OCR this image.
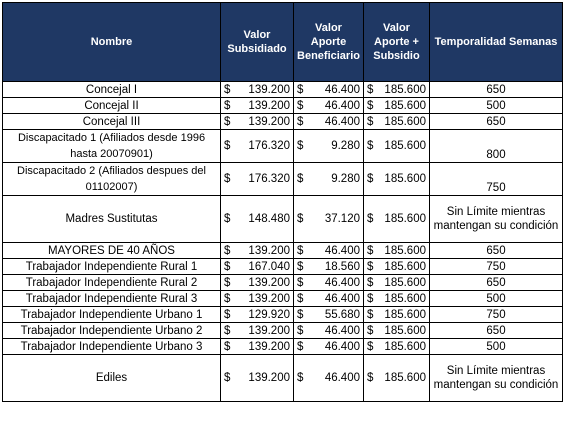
Nombre	Valor Subsidiado	Valor Aporte Beneficiario	Valor Aporte + Subsidio	Temporalidad Semanas
Concejal I	$ 139.200	$ 46.400	$ 185.600	650
Concejal II	$ 139.200	$ 46.400	$ 185.600	500
Concejal III	$ 139.200	$ 46.400	$ 185.600	650
Discapacitado 1 (Afiliados desde 1996 hasta 20070901)	$ 176.320	$ 9.280	$ 185.600	800
Discapacitado 2 (Afiliados despues del 01102007)	$ 176.320	$ 9.280	$ 185.600	750
Madres Sustitutas	$ 148.480	$ 37.120	$ 185.600	Sin Límite mientras mantengan su condición
MAYORES DE 40 AÑOS	$ 139.200	$ 46.400	$ 185.600	650
Trabajador Independiente Rural 1	$ 167.040	$ 18.560	$ 185.600	750
Trabajador Independiente Rural 2	$ 139.200	$ 46.400	$ 185.600	650
Trabajador Independiente Rural 3	$ 139.200	$ 46.400	$ 185.600	500
Trabajador Independiente Urbano 1	$ 129.920	$ 55.680	$ 185.600	750
Trabajador Independiente Urbano 2	$ 139.200	$ 46.400	$ 185.600	650
Trabajador Independiente Urbano 3	$ 139.200	$ 46.400	$ 185.600	500
Ediles	$ 139.200	$ 46.400	$ 185.600	Sin Límite mientras mantengan su condición
